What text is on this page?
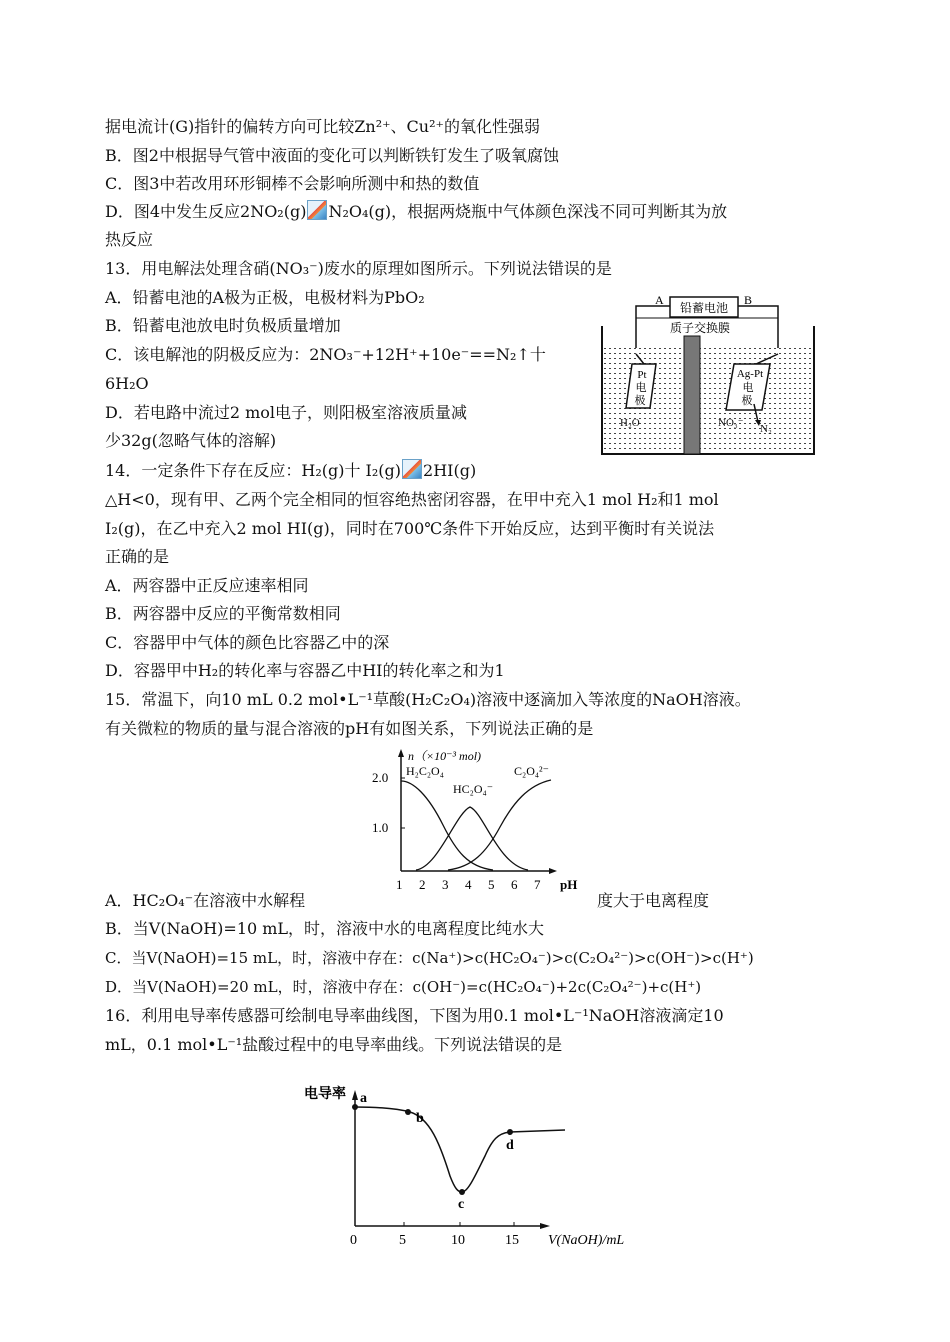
据电流计(G)指针的偏转方向可比较Zn²⁺、Cu²⁺的氧化性强弱
B．图2中根据导气管中液面的变化可以判断铁钉发生了吸氧腐蚀
C．图3中若改用环形铜棒不会影响所测中和热的数值
D．图4中发生反应2NO₂(g) N₂O₄(g)，根据两烧瓶中气体颜色深浅不同可判断其为放
热反应
13．用电解法处理含硝(NO₃⁻)废水的原理如图所示。下列说法错误的是
A．铅蓄电池的A极为正极，电极材料为PbO₂
B．铅蓄电池放电时负极质量增加
C．该电解池的阴极反应为：2NO₃⁻+12H⁺+10e⁻==N₂↑十
6H₂O
D．若电路中流过2 mol电子，则阳极室溶液质量减
少32g(忽略气体的溶解)
14．一定条件下存在反应：H₂(g)十 I₂(g) 2HI(g)
△H<0，现有甲、乙两个完全相同的恒容绝热密闭容器，在甲中充入1 mol H₂和1 mol
I₂(g)，在乙中充入2 mol HI(g)，同时在700℃条件下开始反应，达到平衡时有关说法
正确的是
A．两容器中正反应速率相同
B．两容器中反应的平衡常数相同
C．容器甲中气体的颜色比容器乙中的深
D．容器甲中H₂的转化率与容器乙中HI的转化率之和为1
15．常温下，向10 mL 0.2 mol•L⁻¹草酸(H₂C₂O₄)溶液中逐滴加入等浓度的NaOH溶液。
有关微粒的物质的量与混合溶液的pH有如图关系，下列说法正确的是
A．HC₂O₄⁻在溶液中水解程	度大于电离程度
B．当V(NaOH)=10 mL，时，溶液中水的电离程度比纯水大
C．当V(NaOH)=15 mL，时，溶液中存在：c(Na⁺)>c(HC₂O₄⁻)>c(C₂O₄²⁻)>c(OH⁻)>c(H⁺)
D．当V(NaOH)=20 mL，时，溶液中存在：c(OH⁻)=c(HC₂O₄⁻)+2c(C₂O₄²⁻)+c(H⁺)
16．利用电导率传感器可绘制电导率曲线图，下图为用0.1 mol•L⁻¹NaOH溶液滴定10
mL，0.1 mol•L⁻¹盐酸过程中的电导率曲线。下列说法错误的是
铅蓄电池
A	B
质子交换膜
Pt
电
极
Ag-Pt
电
极
H₂O	NO₃⁻ N₂
n（×10⁻³ mol)
2.0
1.0
H₂C₂O₄
HC₂O₄⁻
C₂O₄²⁻
1 2 3 4 5 6 7 pH
电导率 a
b
c
d
0	5	10	15 V(NaOH)/mL
